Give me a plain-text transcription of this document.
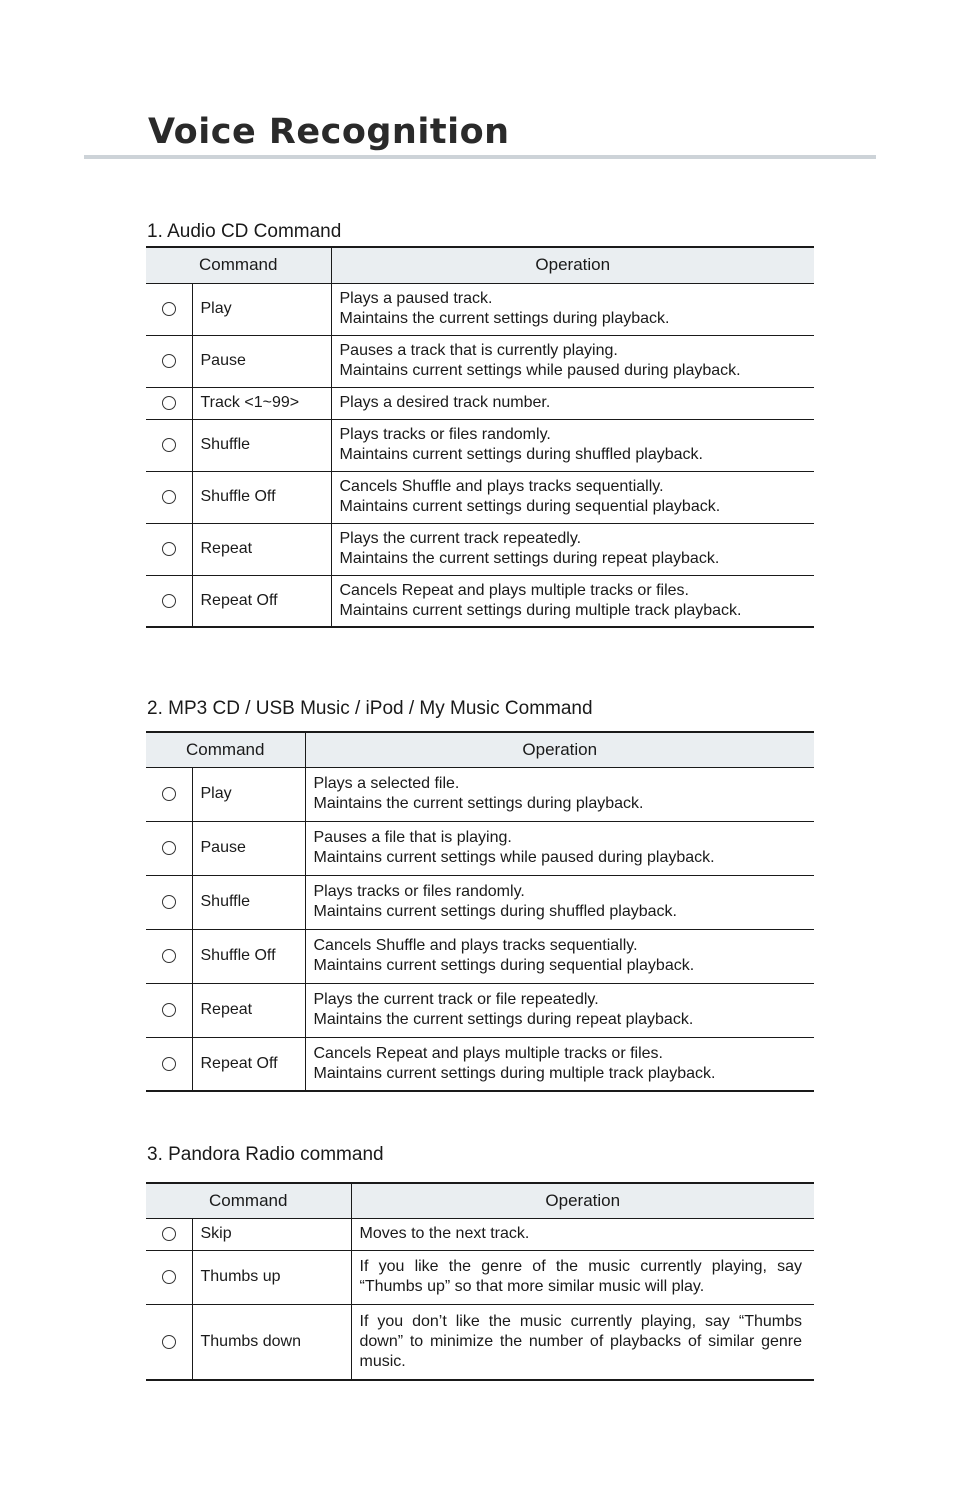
Voice Recognition
1. Audio CD Command
Command		Operation
	Play	Plays a paused track.
Maintains the current settings during playback.

	Pause	Pauses a track that is currently playing.
Maintains current settings while paused during playback.

	Track <1~99>	Plays a desired track number.

	Shuffle	Plays tracks or files randomly.
Maintains current settings during shuffled playback.

	Shuffle Off	Cancels Shuffle and plays tracks sequentially.
Maintains current settings during sequential playback.

	Repeat	Plays the current track repeatedly.
Maintains the current settings during repeat playback.

	Repeat Off	Cancels Repeat and plays multiple tracks or files.
Maintains current settings during multiple track playback.
2. MP3 CD / USB Music / iPod / My Music Command
Command		Operation
	Play	Plays a selected file.
Maintains the current settings during playback.

	Pause	Pauses a file that is playing.
Maintains current settings while paused during playback.

	Shuffle	Plays tracks or files randomly.
Maintains current settings during shuffled playback.

	Shuffle Off	Cancels Shuffle and plays tracks sequentially.
Maintains current settings during sequential playback.

	Repeat	Plays the current track or file repeatedly.
Maintains the current settings during repeat playback.

	Repeat Off	Cancels Repeat and plays multiple tracks or files.
Maintains current settings during multiple track playback.
3. Pandora Radio command
Command		Operation
	Skip	Moves to the next track.

	Thumbs up	If you like the genre of the music currently playing, say “Thumbs up” so that more similar music will play.

	Thumbs down	If you don’t like the music currently playing, say “Thumbs down” to minimize the number of playbacks of similar genre music.
